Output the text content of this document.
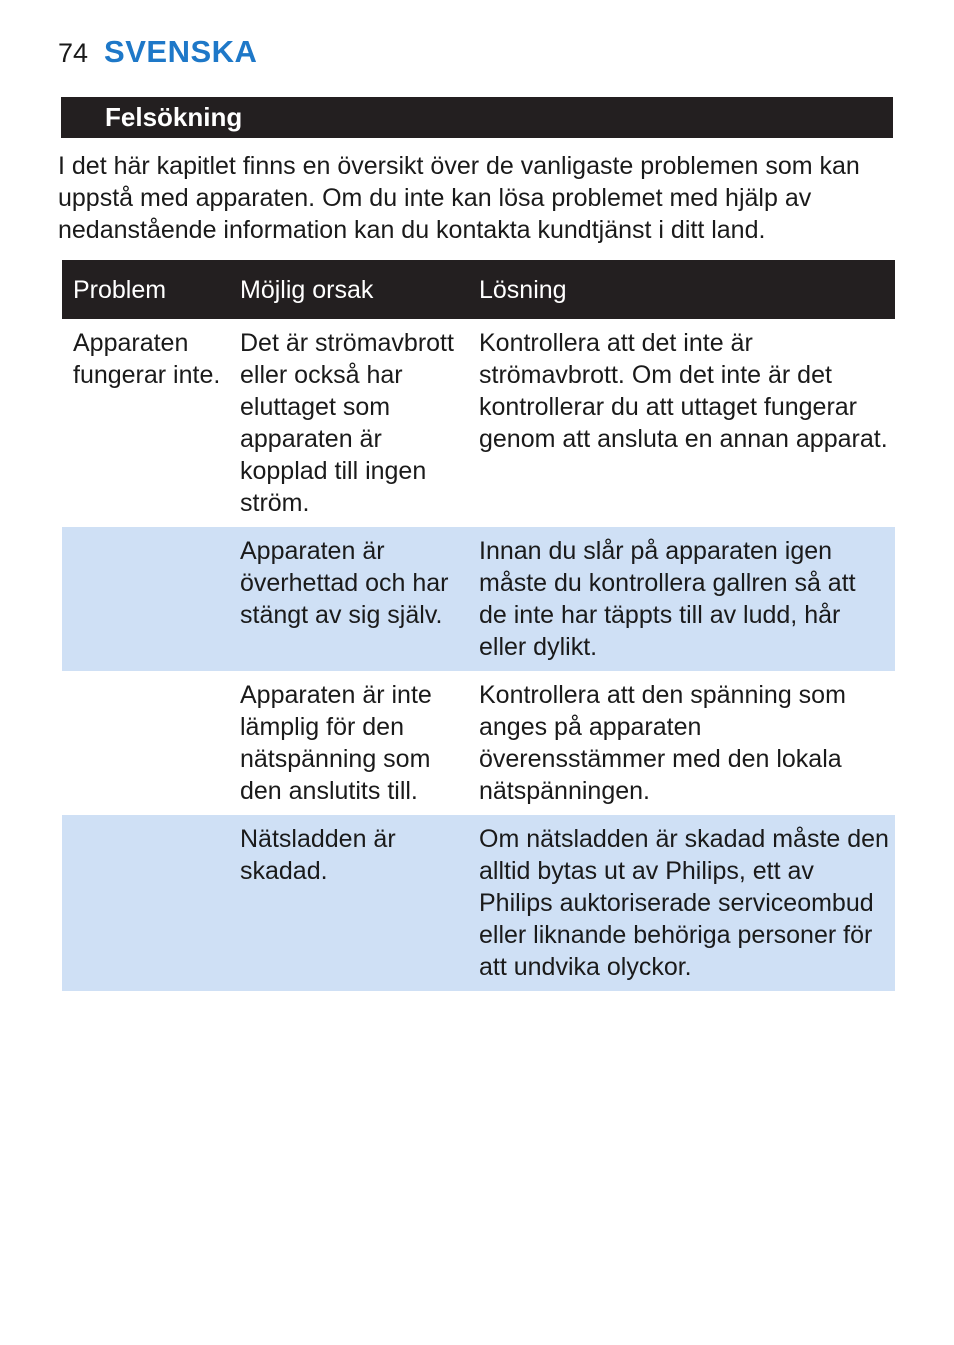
74 SVENSKA
Felsökning

I det här kapitlet finns en översikt över de vanligaste problemen som kan uppstå med apparaten. Om du inte kan lösa problemet med hjälp av nedanstående information kan du kontakta kundtjänst i ditt land.

Problem	Möjlig orsak	Lösning
Apparaten fungerar inte.	Det är strömavbrott eller också har eluttaget som apparaten är kopplad till ingen ström.	Kontrollera att det inte är strömavbrott. Om det inte är det kontrollerar du att uttaget fungerar genom att ansluta en annan apparat.
	Apparaten är överhettad och har stängt av sig själv.	Innan du slår på apparaten igen måste du kontrollera gallren så att de inte har täppts till av ludd, hår eller dylikt.
	Apparaten är inte lämplig för den nätspänning som den anslutits till.	Kontrollera att den spänning som anges på apparaten överensstämmer med den lokala nätspänningen.
	Nätsladden är skadad.	Om nätsladden är skadad måste den alltid bytas ut av Philips, ett av Philips auktoriserade serviceombud eller liknande behöriga personer för att undvika olyckor.
